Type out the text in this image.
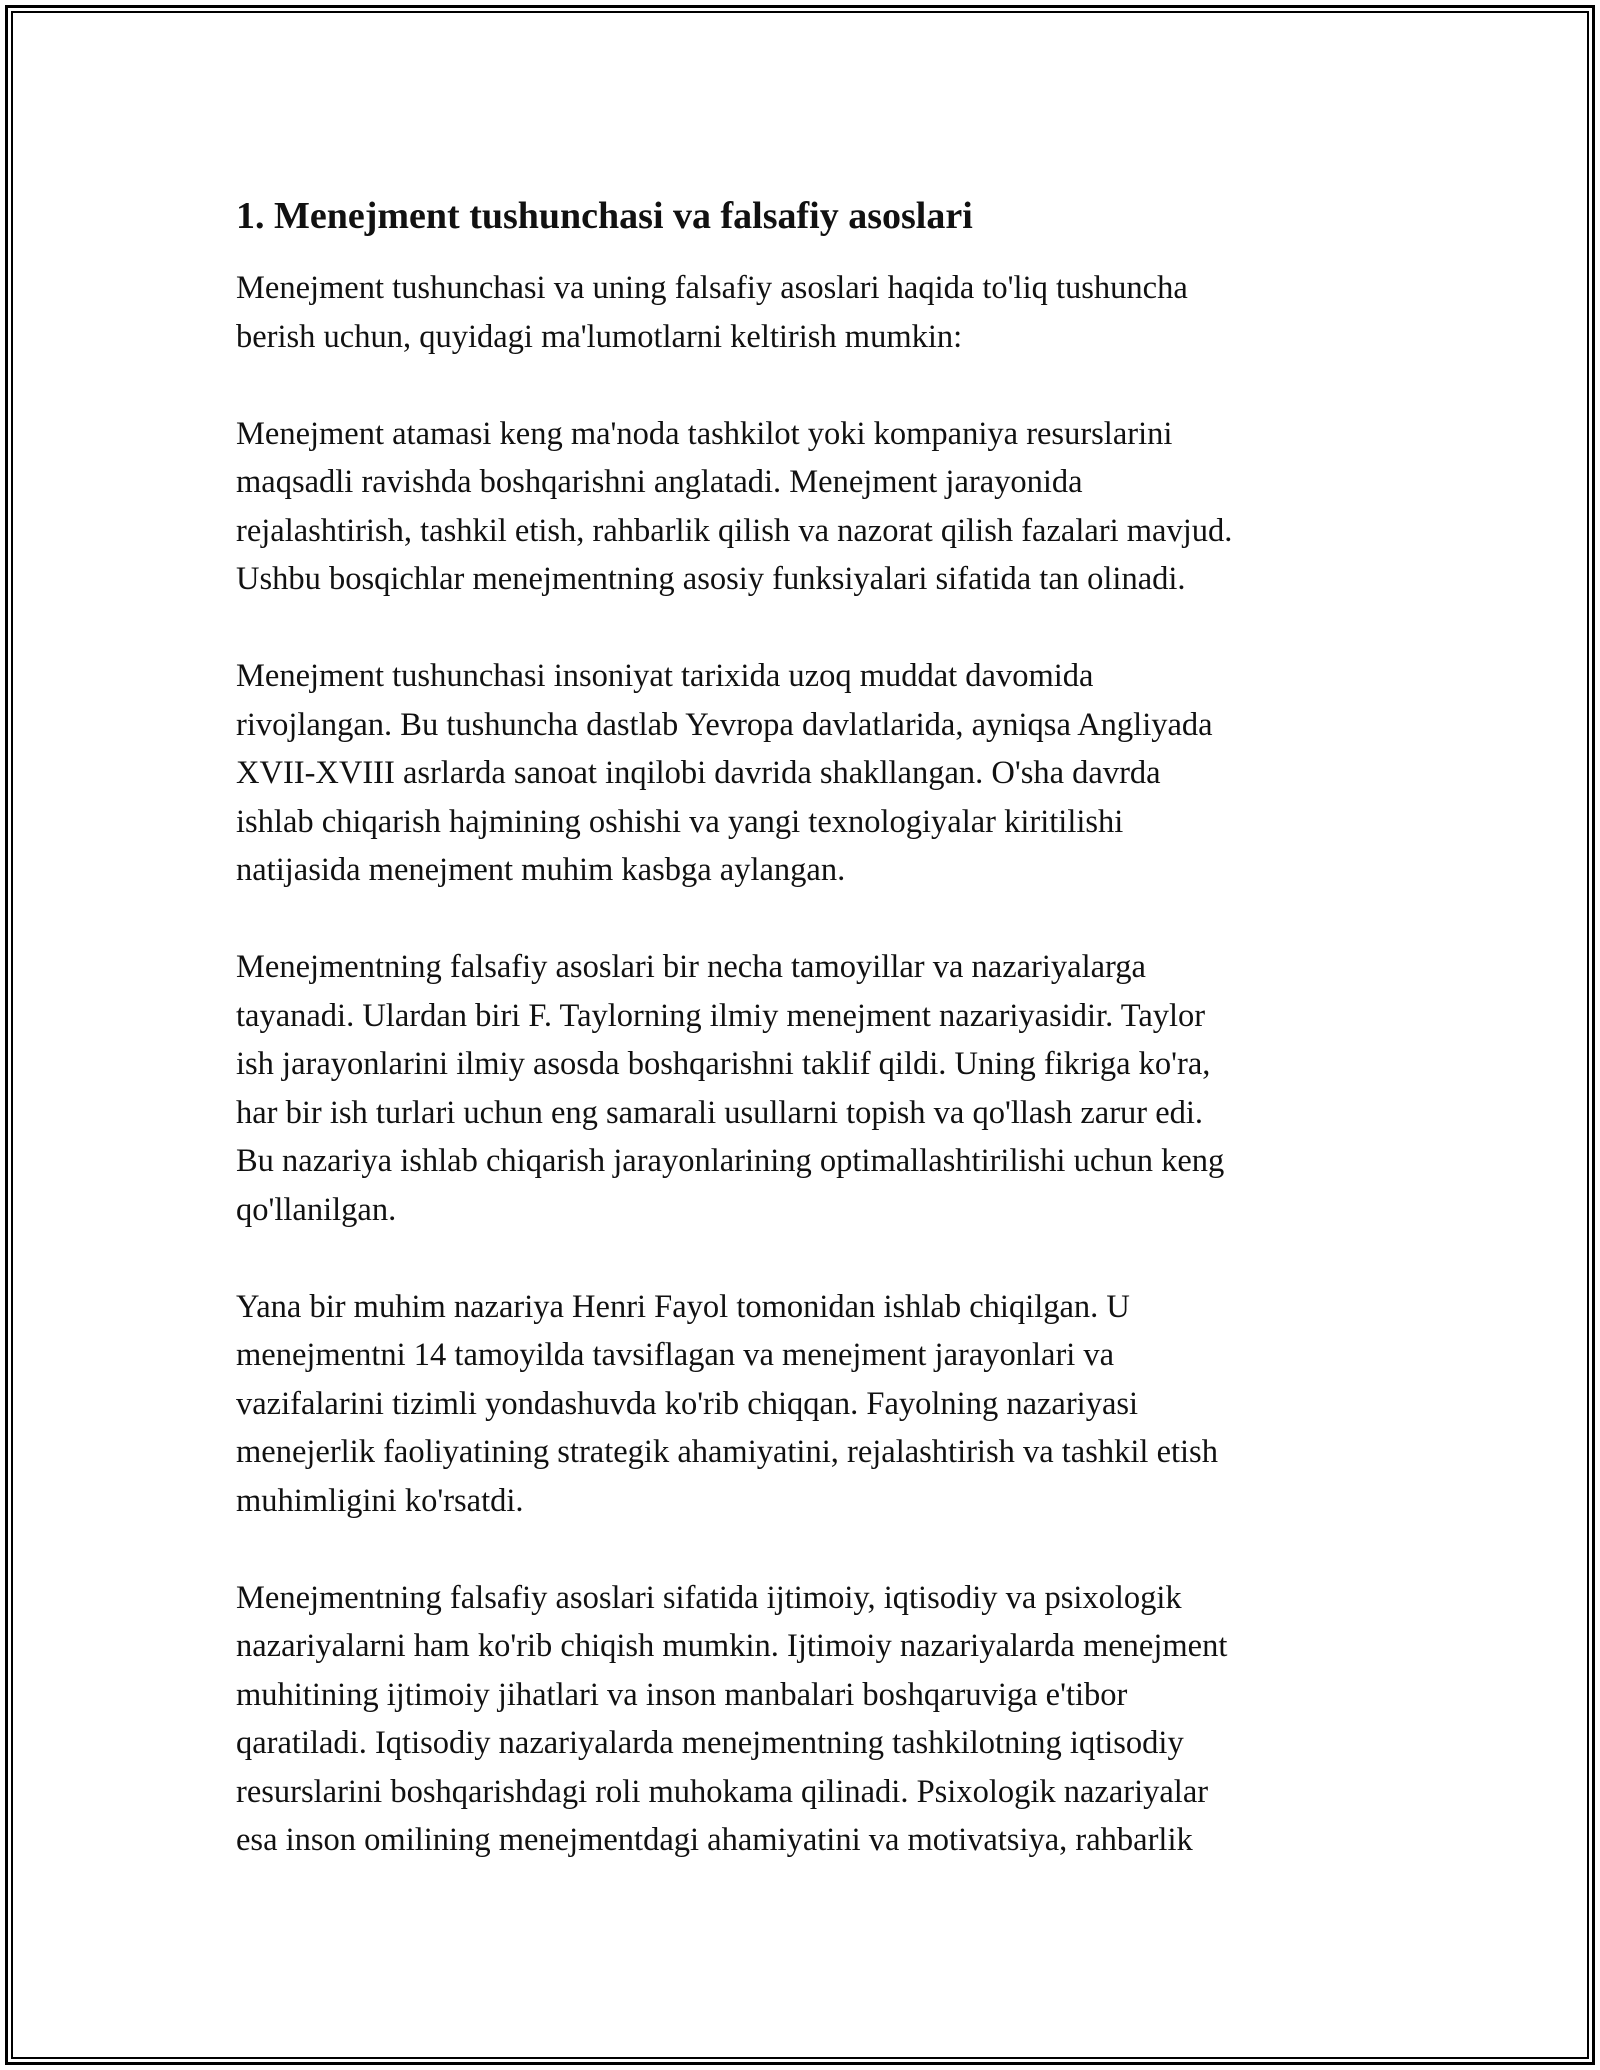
1. Menejment tushunchasi va falsafiy asoslari
Menejment tushunchasi va uning falsafiy asoslari haqida to'liq tushuncha
berish uchun, quyidagi ma'lumotlarni keltirish mumkin:
Menejment atamasi keng ma'noda tashkilot yoki kompaniya resurslarini
maqsadli ravishda boshqarishni anglatadi. Menejment jarayonida
rejalashtirish, tashkil etish, rahbarlik qilish va nazorat qilish fazalari mavjud.
Ushbu bosqichlar menejmentning asosiy funksiyalari sifatida tan olinadi.
Menejment tushunchasi insoniyat tarixida uzoq muddat davomida
rivojlangan. Bu tushuncha dastlab Yevropa davlatlarida, ayniqsa Angliyada
XVII-XVIII asrlarda sanoat inqilobi davrida shakllangan. O'sha davrda
ishlab chiqarish hajmining oshishi va yangi texnologiyalar kiritilishi
natijasida menejment muhim kasbga aylangan.
Menejmentning falsafiy asoslari bir necha tamoyillar va nazariyalarga
tayanadi. Ulardan biri F. Taylorning ilmiy menejment nazariyasidir. Taylor
ish jarayonlarini ilmiy asosda boshqarishni taklif qildi. Uning fikriga ko'ra,
har bir ish turlari uchun eng samarali usullarni topish va qo'llash zarur edi.
Bu nazariya ishlab chiqarish jarayonlarining optimallashtirilishi uchun keng
qo'llanilgan.
Yana bir muhim nazariya Henri Fayol tomonidan ishlab chiqilgan. U
menejmentni 14 tamoyilda tavsiflagan va menejment jarayonlari va
vazifalarini tizimli yondashuvda ko'rib chiqqan. Fayolning nazariyasi
menejerlik faoliyatining strategik ahamiyatini, rejalashtirish va tashkil etish
muhimligini ko'rsatdi.
Menejmentning falsafiy asoslari sifatida ijtimoiy, iqtisodiy va psixologik
nazariyalarni ham ko'rib chiqish mumkin. Ijtimoiy nazariyalarda menejment
muhitining ijtimoiy jihatlari va inson manbalari boshqaruviga e'tibor
qaratiladi. Iqtisodiy nazariyalarda menejmentning tashkilotning iqtisodiy
resurslarini boshqarishdagi roli muhokama qilinadi. Psixologik nazariyalar
esa inson omilining menejmentdagi ahamiyatini va motivatsiya, rahbarlik
